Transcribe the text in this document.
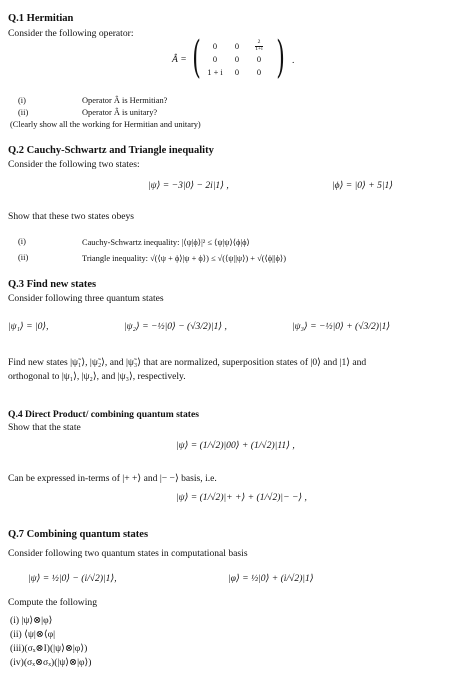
Q.1 Hermitian
Consider the following operator:
Â = ( 0	0	$\frac{2}{1+i}$

0	0	0
1 + i	0	0 ) .
(i)	Operator Â is Hermitian?
(ii)	Operator Â is unitary?
(Clearly show all the working for Hermitian and unitary)
Q.2 Cauchy-Schwartz and Triangle inequality
Consider the following two states:
|ψ⟩ = −3|0⟩ − 2i|1⟩ ,	|ϕ⟩ = |0⟩ + 5|1⟩
Show that these two states obeys
(i)	Cauchy-Schwartz inequality: |⟨ψ|ϕ⟩|² ≤ ⟨ψ|ψ⟩⟨ϕ|ϕ⟩
(ii)	Triangle inequality: √(⟨ψ + ϕ⟩|ψ + ϕ⟩) ≤ √(⟨ψ||ψ⟩) + √(⟨ϕ||ϕ⟩)
Q.3 Find new states
Consider following three quantum states
|ψ₁⟩ = |0⟩,	|ψ₂⟩ = −½|0⟩ − (√3/2)|1⟩ ,	|ψ₃⟩ = −½|0⟩ + (√3/2)|1⟩
Find new states |ψ̃₁⟩, |ψ̃₂⟩, and |ψ̃₃⟩ that are normalized, superposition states of |0⟩ and |1⟩ and
orthogonal to |ψ₁⟩, |ψ₂⟩, and |ψ₃⟩, respectively.
Q.4 Direct Product/ combining quantum states
Show that the state
|ψ⟩ = (1/√2)|00⟩ + (1/√2)|11⟩ ,
Can be expressed in-terms of |+ +⟩ and |− −⟩ basis, i.e.
|ψ⟩ = (1/√2)|+ +⟩ + (1/√2)|− −⟩ ,
Q.7 Combining quantum states
Consider following two quantum states in computational basis
|ψ⟩ = ½|0⟩ − (i/√2)|1⟩,	|φ⟩ = ½|0⟩ + (i/√2)|1⟩
Compute the following
(i) |ψ⟩⊗|φ⟩
(ii) ⟨ψ|⊗⟨φ|
(iii)(σₓ⊗I)(|ψ⟩⊗|φ⟩)
(iv)(σₓ⊗σₓ)(|ψ⟩⊗|φ⟩)
